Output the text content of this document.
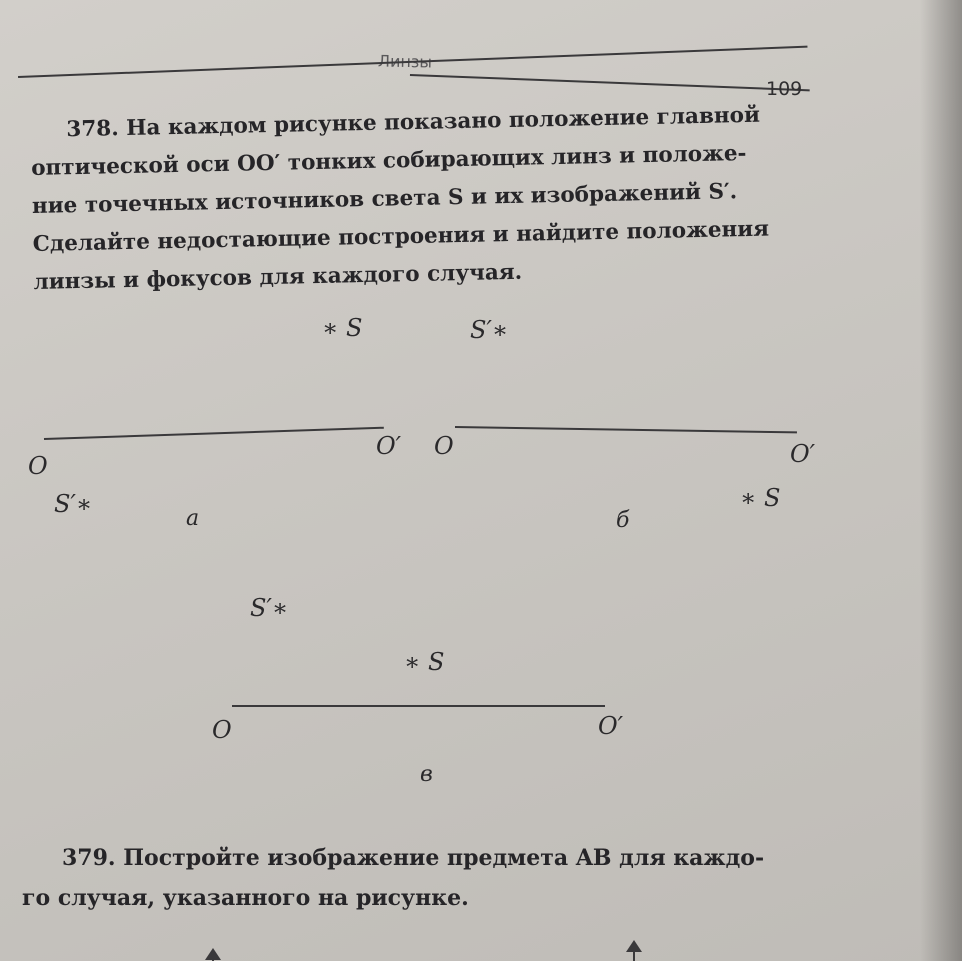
109
378. На каждом рисунке показано положение главной
оптической оси OO′ тонких собирающих линз и положе-
ние точечных источников света S и их изображений S′.
Сделайте недостающие построения и найдите положения
линзы и фокусов для каждого случая.
∗ S
O
O′
S′∗
а
S′∗
O	O′
∗ S
б
S′∗
∗ S
O	O′
в
379. Постройте изображение предмета AB для каждо-
го случая, указанного на рисунке.
